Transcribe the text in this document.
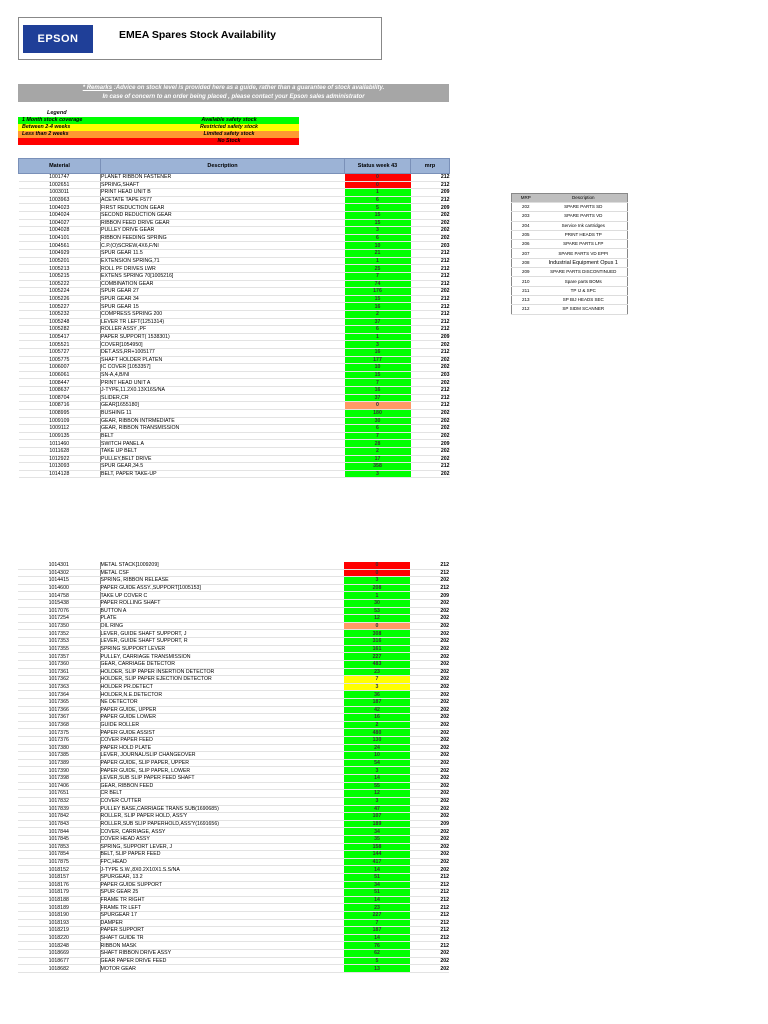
EPSON	EMEA Spares Stock Availability
* Remarks :Advice on stock level is provided here as a guide, rather than a guarantee of stock availability.
In case of concern to an order being placed , please contact your Epson sales administrator
Legend
1 Month stock coverage	Available safety stock
Between 2-4 weeks	Restricted safety stock
Less than 2 weeks	Limited safety stock
No Stock
Material	Description	Status week 43	mrp
1001747	PLANET RIBBON FASTENER	0	212
1002651	SPRING,SHAFT	0	212
1003011	PRINT HEAD UNIT B	1	209
1003963	ACETATE TAPE F577	6	212
1004023	FIRST REDUCTION GEAR	5	209
1004024	SECOND REDUCTION GEAR	15	202
1004027	RIBBON FEED DRIVE GEAR	15	202
1004028	PULLEY DRIVE GEAR	3	202
1004101	RIBBON FEEDING SPRING	6	202
1004561	C.P.(O)SCREW,4X6,F/NI	10	203
1004929	SPUR GEAR 11.5	21	212
1005201	EXTENSION SPRING,71	1	212
1005213	ROLL PF DRIVES LWR	25	212
1005215	EXTENS SPRING 70[1005216]	7	212
1005222	COMBINATION GEAR	74	212
1005224	SPUR GEAR 27	176	202
1005226	SPUR GEAR 34	15	212
1005227	SPUR GEAR 15	16	212
1005232	COMPRESS SPRING 200	2	212
1005248	LEVER TR LEFT(1251314)	37	212
1005282	ROLLER ASSY ,PF	6	212
1005417	PAPER SUPPORT( 1538301)	1	209
1005521	COVER[1054950]	3	202
1005727	DET.ASS,RR+1005177	16	212
1005775	SHAFT HOLDER PLATEN	177	202
1006007	IC COVER [1053357]	10	202
1006061	SN-A,4,B/NI	15	203
1008447	PRINT HEAD UNIT A	7	202
1008637	J-TYPE,11.2X0.13X16S/NA	16	212
1008704	SLIDER,CR	37	212
1008716	GEAR[1655180]	0	212
1008995	BUSHING 11	180	202
1009109	GEAR, RIBBON INTRMEDIATE	30	202
1009112	GEAR, RIBBON TRANSMISSION	6	202
1009135	BELT	7	202
1011460	SWITCH PANEL A	28	209
1011628	TAKE UP BELT	2	202
1012922	PULLEY,BELT DRIVE	17	202
1013093	SPUR GEAR,34.5	358	212
1014128	BELT, PAPER TAKE-UP	3	202
1014301	METAL STACK[1009209]	0	212
1014302	METAL CSF	0	212
1014415	SPRING, RIBBON RELEASE	3	202
1014600	PAPER GUIDE ASSY.,SUPPORT[1005153]	208	212
1014758	TAKE UP COVER C	1	209
1015438	PAPER ROLLING SHAFT	30	202
1017076	BUTTON A	53	202
1017254	PLATE	12	202
1017350	OIL RING	0	202
1017352	LEVER, GUIDE SHAFT SUPPORT, J	308	202
1017353	LEVER, GUIDE SHAFT SUPPORT, R	316	202
1017355	SPRING SUPPORT LEVER	161	202
1017357	PULLEY, CARRIAGE TRANSMISSION	227	202
1017360	GEAR, CARRIAGE DETECTOR	483	202
1017361	HOLDER, SLIP PAPER INSERTION DETECTOR	23	202
1017362	HOLDER, SLIP PAPER EJECTION DETECTOR	7	202
1017363	HOLDER PR.DETECT	3	202
1017364	HOLDER,N.E.DETECTOR	36	202
1017365	NE DETECTOR	187	202
1017366	PAPER GUIDE, UPPER	42	202
1017367	PAPER GUIDE LOWER	16	202
1017368	GUIDE ROLLER	2	202
1017375	PAPER GUIDE ASSIST	480	202
1017376	COVER PAPER FEED	130	202
1017380	PAPER HOLD PLATE	24	202
1017385	LEVER, JOURNAL/SLIP CHANGEOVER	10	202
1017389	PAPER GUIDE, SLIP PAPER, UPPER	54	202
1017390	PAPER GUIDE, SLIP PAPER, LOWER	3	202
1017398	LEVER,SUB SLIP PAPER FEED SHAFT	14	202
1017406	GEAR, RIBBON FEED	55	202
1017651	CR BELT	12	202
1017832	COVER CUTTER	3	202
1017839	PULLEY BASE,CARRIAGE TRANS SUB(1690685)	47	202
1017842	ROLLER, SLIP PAPER HOLD, ASS'Y	107	202
1017843	ROLLER,SUB SLIP PAPERHOLD,ASS'Y(1691656)	189	209
1017844	COVER, CARRIAGE, ASSY	34	202
1017845	COVER HEAD ASSY	35	202
1017853	SPRING, SUPPORT LEVER, J	158	202
1017854	BELT, SLIP PAPER FEED	144	202
1017875	FPC,HEAD	417	202
1018152	J-TYPE S.W.,8X0.2X10X1.S.S/NA	14	202
1018157	SPURGEAR, 13.2	51	212
1018176	PAPER GUIDE SUPPORT	34	212
1018179	SPUR GEAR 25	51	212
1018188	FRAME TR RIGHT	14	212
1018189	FRAME TR LEFT	23	212
1018190	SPURGEAR 17	227	212
1018193	DAMPER	7	212
1018219	PAPER SUPPORT	187	212
1018220	SHAFT GUIDE TR	14	212
1018248	RIBBON MASK	76	212
1018669	SHAFT RIBBON DRIVE ASSY	62	202
1018677	GEAR PAPER DRIVE FEED	5	202
1018682	MOTOR GEAR	13	202
MRP	Description
202	SPARE PARTS SD
203	SPARE PARTS VD
204	Service Ink cartridges
205	PRINT HEADS TP
206	SPARE PARTS LFP
207	SPARE PARTS VD EPPI
208	Industrial Equipment Opus 1
209	SPARE PARTS DISCONTINUED
210	Spare parts BOMs
211	TP IJ & SPC
213	SP BIJ HEADS SEC
212	SP SIDM SCANNER
